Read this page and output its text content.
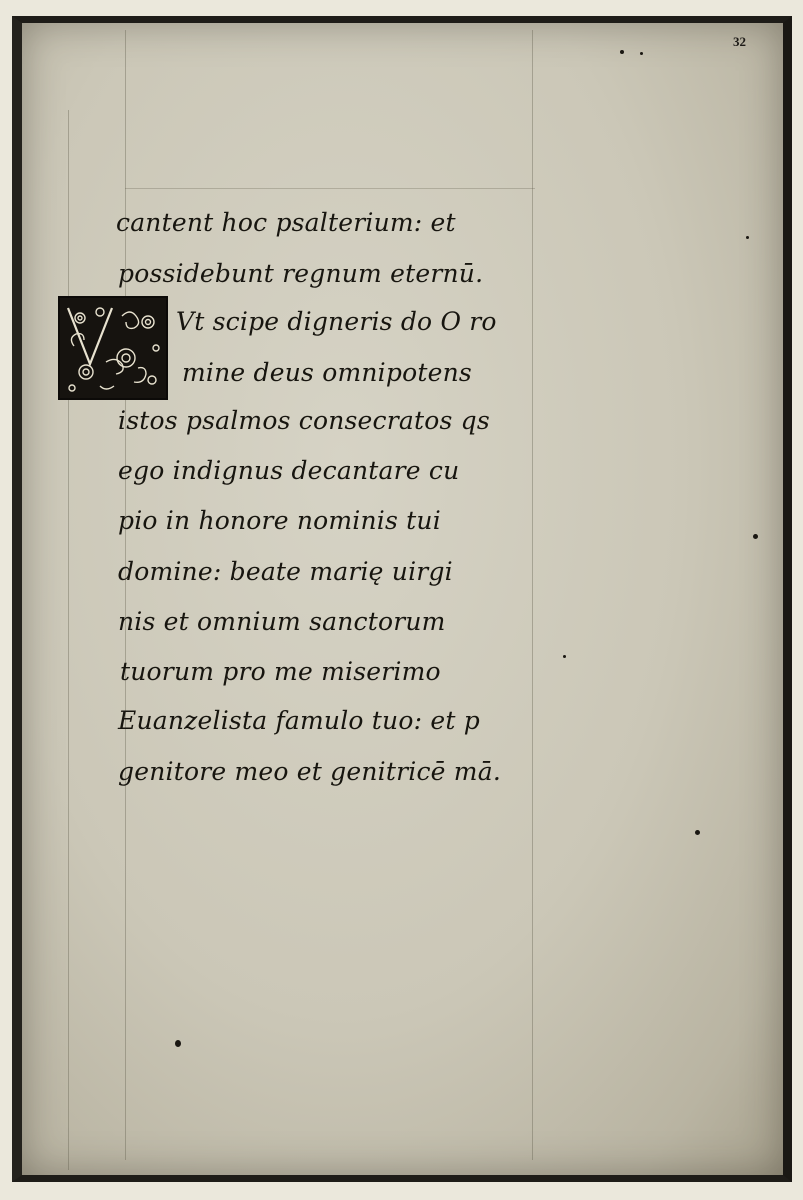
32
cantent hoc psalterium: et
possidebunt regnum eternū.
Vt scipe digneris do O ro
mine deus omnipotens
istos psalmos consecratos qs
ego indignus decantare cu
pio in honore nominis tui
domine: beate marię uirgi
nis et omnium sanctorum
tuorum pro me miserimo
Euanzelista famulo tuo: et p
genitore meo et genitricē mā.
